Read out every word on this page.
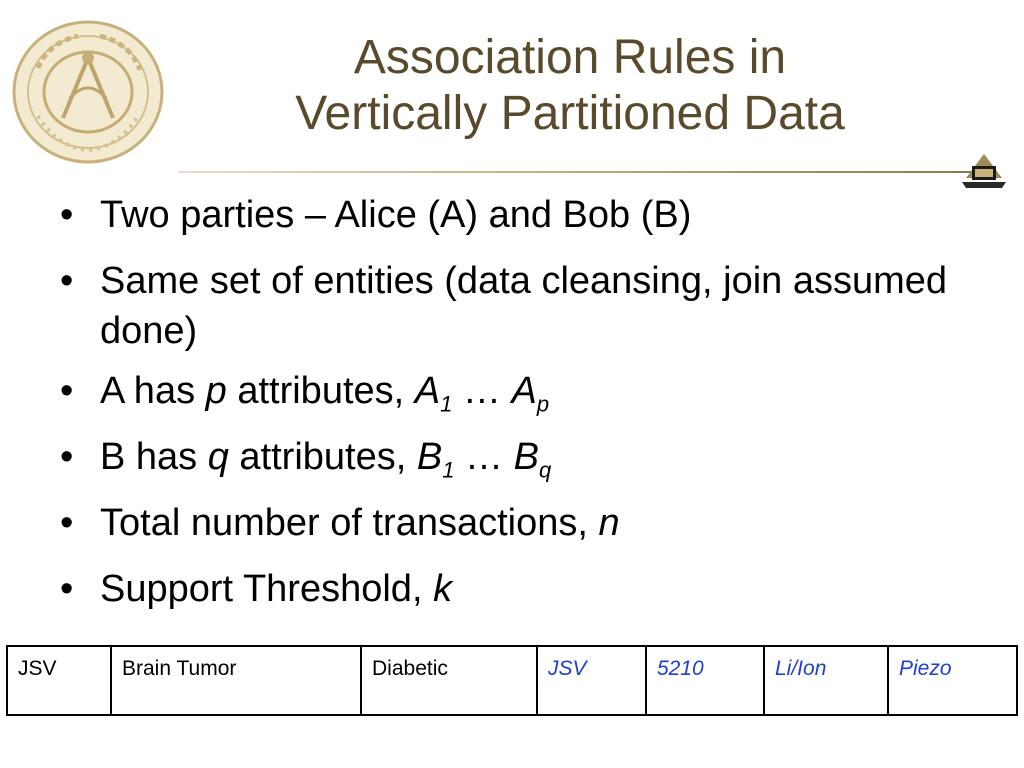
Association Rules in
Vertically Partitioned Data
• Two parties – Alice (A) and Bob (B)
• Same set of entities (data cleansing, join assumed done)
• A has p attributes, $A_1$ … $A_p$
• B has q attributes, $B_1$ … $B_q$
• Total number of transactions, n
• Support Threshold, k
JSV	Brain Tumor	Diabetic	JSV	5210	Li/Ion	Piezo
